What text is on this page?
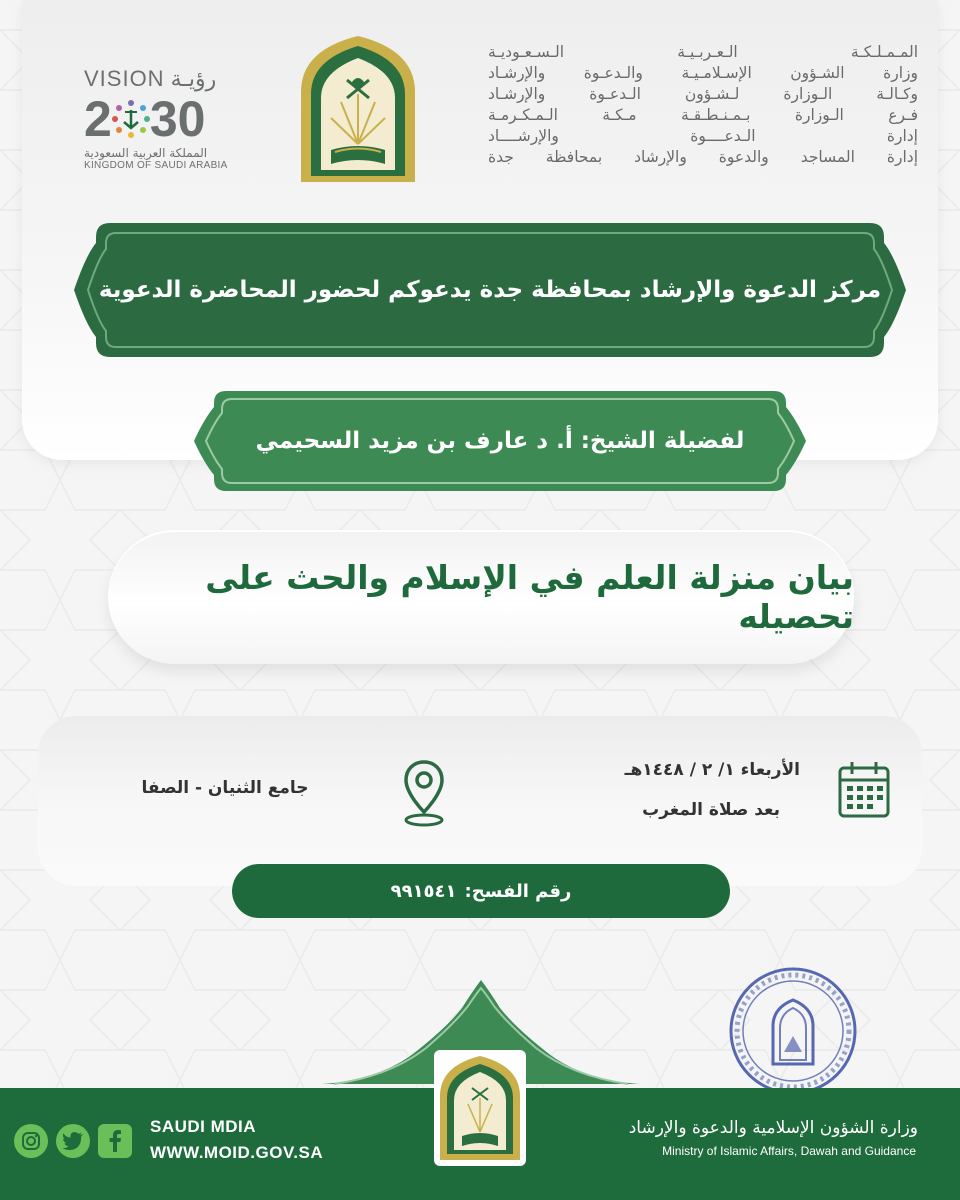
VISION رؤيـة
2 30
المملكة العربية السعودية
KINGDOM OF SAUDI ARABIA
المـمـلـكـة الـعـربـيـة الـسـعـوديـة
وزارة الشـؤون الإسـلامـيـة والـدعـوة والإرشـاد
وكـالـة الـوزارة لـشـؤون الـدعـوة والإرشـاد
فـرع الـوزارة بـمـنـطـقـة مـكـة الـمـكـرمـة
إدارة الـدعــــوة والإرشــــاد
إدارة المساجد والدعوة والإرشاد بمحافظة جدة
مركز الدعوة والإرشاد بمحافظة جدة يدعوكم لحضور المحاضرة الدعوية
لفضيلة الشيخ: أ. د عارف بن مزيد السحيمي
بيان منزلة العلم في الإسلام والحث على تحصيله
الأربعاء ١/ ٢ / ١٤٤٨هـ
بعد صلاة المغرب
جامع الثنيان - الصفا
رقم الفسح:
٩٩١٥٤١
SAUDI MDIA
WWW.MOID.GOV.SA
وزارة الشؤون الإسلامية والدعوة والإرشاد
Ministry of Islamic Affairs, Dawah and Guidance
